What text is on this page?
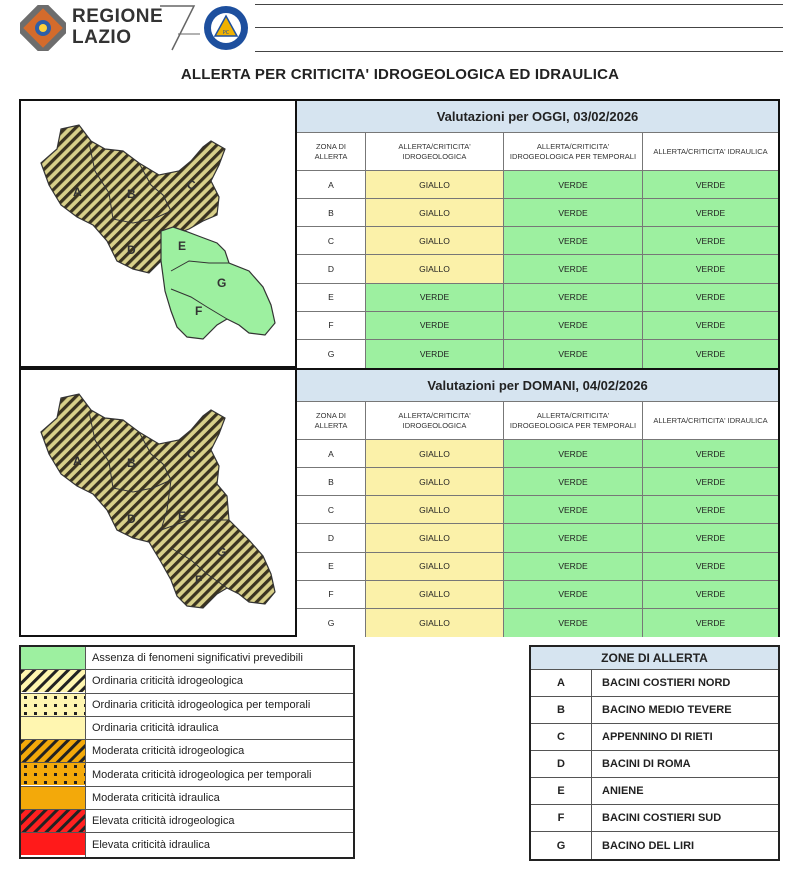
REGIONE
LAZIO	PC
ALLERTA PER CRITICITA' IDROGEOLOGICA ED IDRAULICA
A	B
C
D	E
F
G
Valutazioni per OGGI, 03/02/2026
ZONA DI ALLERTA
ALLERTA/CRITICITA' IDROGEOLOGICA
ALLERTA/CRITICITA' IDROGEOLOGICA PER TEMPORALI
ALLERTA/CRITICITA' IDRAULICA
A	GIALLO	VERDE	VERDE
B	GIALLO	VERDE	VERDE
C	GIALLO	VERDE	VERDE
D	GIALLO	VERDE	VERDE
E	VERDE	VERDE	VERDE
F	VERDE	VERDE	VERDE
G	VERDE	VERDE	VERDE
A	B
C
D	E
F
G
Valutazioni per DOMANI, 04/02/2026
ZONA DI ALLERTA
ALLERTA/CRITICITA' IDROGEOLOGICA
ALLERTA/CRITICITA' IDROGEOLOGICA PER TEMPORALI
ALLERTA/CRITICITA' IDRAULICA
A	GIALLO	VERDE	VERDE
B	GIALLO	VERDE	VERDE
C	GIALLO	VERDE	VERDE
D	GIALLO	VERDE	VERDE
E	GIALLO	VERDE	VERDE
F	GIALLO	VERDE	VERDE
G	GIALLO	VERDE	VERDE
Assenza di fenomeni significativi prevedibili
Ordinaria criticità idrogeologica
Ordinaria criticità idrogeologica per temporali
Ordinaria criticità idraulica
Moderata criticità idrogeologica
Moderata criticità idrogeologica per temporali
Moderata criticità idraulica
Elevata criticità idrogeologica
Elevata criticità idraulica
ZONE DI ALLERTA
A	BACINI COSTIERI NORD
B	BACINO MEDIO TEVERE
C	APPENNINO DI RIETI
D	BACINI DI ROMA
E	ANIENE
F	BACINI COSTIERI SUD
G	BACINO DEL LIRI
